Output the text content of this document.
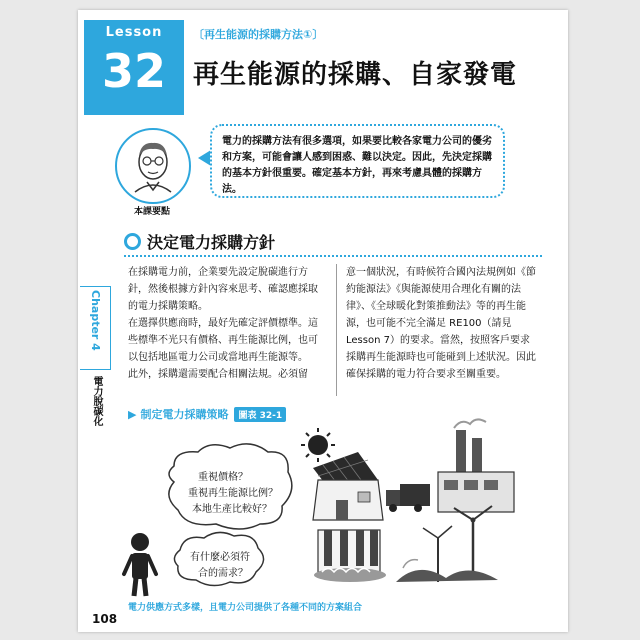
Lesson
32
〔再生能源的採購方法①〕
再生能源的採購、自家發電
本課要點

電力的採購方法有很多選項，如果要比較各家電力公司的優劣和方案，可能會讓人感到困惑、難以決定。因此，先決定採購的基本方針很重要。確定基本方針，再來考慮具體的採購方法。

決定電力採購方針
Chapter 4
電力脫碳化

在採購電力前，企業要先設定脫碳進行方針，然後根據方針內容來思考、確認應採取的電力採購策略。

在選擇供應商時，最好先確定評價標準。這些標準不光只有價格、再生能源比例，也可以包括地區電力公司或當地再生能源等。

此外，採購還需要配合相關法規。必須留

意一個狀況，有時候符合國內法規例如《節約能源法》《與能源使用合理化有關的法律》、《全球暖化對策推動法》等的再生能源，也可能不完全滿足 RE100（請見 Lesson 7）的要求。當然，按照客戶要求採購再生能源時也可能碰到上述狀況。因此確保採購的電力符合要求至關重要。

▶ 制定電力採購策略 圖表 32-1
重視價格？
重視再生能源比例？
本地生產比較好？
有什麼必須符
合的需求？
電力供應方式多樣，且電力公司提供了各種不同的方案組合
108
